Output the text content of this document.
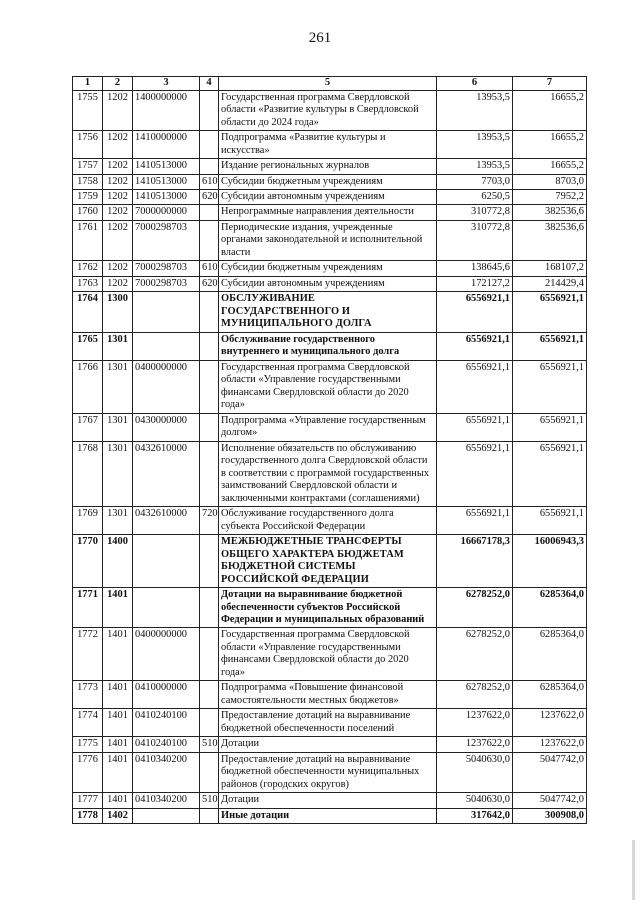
261
1	2	3	4	5	6	7
1755	1202	1400000000		Государственная программа Свердловской области «Развитие культуры в Свердловской области до 2024 года»	13953,5	16655,2
1756	1202	1410000000		Подпрограмма «Развитие культуры и искусства»	13953,5	16655,2
1757	1202	1410513000		Издание региональных журналов	13953,5	16655,2
1758	1202	1410513000	610	Субсидии бюджетным учреждениям	7703,0	8703,0
1759	1202	1410513000	620	Субсидии автономным учреждениям	6250,5	7952,2
1760	1202	7000000000		Непрограммные направления деятельности	310772,8	382536,6
1761	1202	7000298703		Периодические издания, учрежденные органами законодательной и исполнительной власти	310772,8	382536,6
1762	1202	7000298703	610	Субсидии бюджетным учреждениям	138645,6	168107,2
1763	1202	7000298703	620	Субсидии автономным учреждениям	172127,2	214429,4
1764	1300			ОБСЛУЖИВАНИЕ ГОСУДАРСТВЕННОГО И МУНИЦИПАЛЬНОГО ДОЛГА	6556921,1	6556921,1
1765	1301			Обслуживание государственного внутреннего и муниципального долга	6556921,1	6556921,1
1766	1301	0400000000		Государственная программа Свердловской области «Управление государственными финансами Свердловской области до 2020 года»	6556921,1	6556921,1
1767	1301	0430000000		Подпрограмма «Управление государственным долгом»	6556921,1	6556921,1
1768	1301	0432610000		Исполнение обязательств по обслуживанию государственного долга Свердловской области в соответствии с программой государственных заимствований Свердловской области и заключенными контрактами (соглашениями)	6556921,1	6556921,1
1769	1301	0432610000	720	Обслуживание государственного долга субъекта Российской Федерации	6556921,1	6556921,1
1770	1400			МЕЖБЮДЖЕТНЫЕ ТРАНСФЕРТЫ ОБЩЕГО ХАРАКТЕРА БЮДЖЕТАМ БЮДЖЕТНОЙ СИСТЕМЫ РОССИЙСКОЙ ФЕДЕРАЦИИ	16667178,3	16006943,3
1771	1401			Дотации на выравнивание бюджетной обеспеченности субъектов Российской Федерации и муниципальных образований	6278252,0	6285364,0
1772	1401	0400000000		Государственная программа Свердловской области «Управление государственными финансами Свердловской области до 2020 года»	6278252,0	6285364,0
1773	1401	0410000000		Подпрограмма «Повышение финансовой самостоятельности местных бюджетов»	6278252,0	6285364,0
1774	1401	0410240100		Предоставление дотаций на выравнивание бюджетной обеспеченности поселений	1237622,0	1237622,0
1775	1401	0410240100	510	Дотации	1237622,0	1237622,0
1776	1401	0410340200		Предоставление дотаций на выравнивание бюджетной обеспеченности муниципальных районов (городских округов)	5040630,0	5047742,0
1777	1401	0410340200	510	Дотации	5040630,0	5047742,0
1778	1402			Иные дотации	317642,0	300908,0
